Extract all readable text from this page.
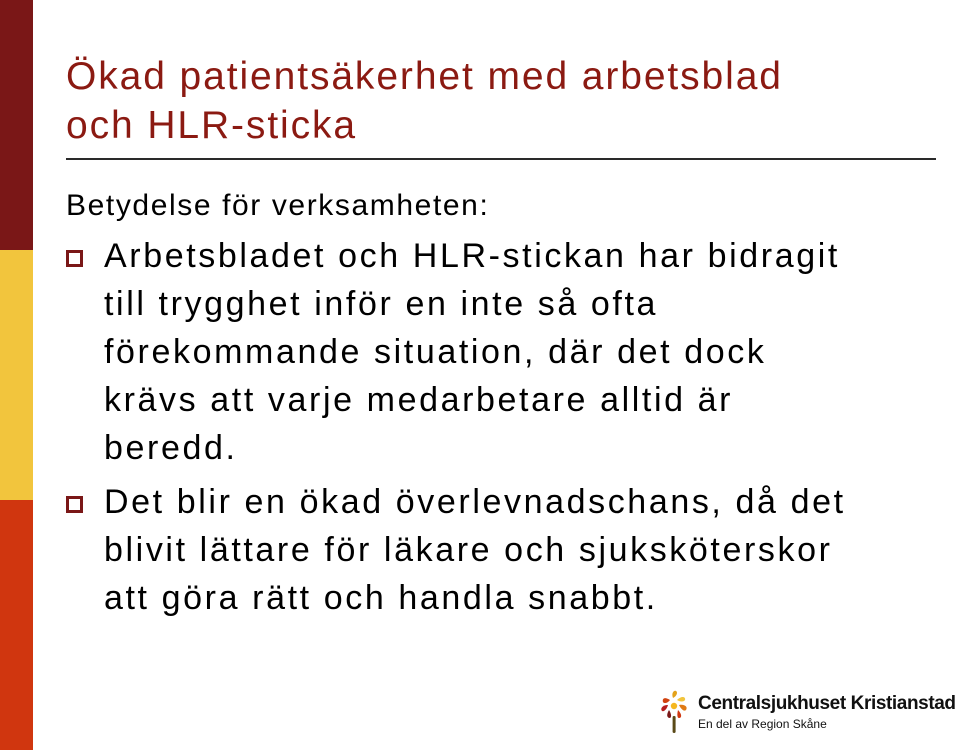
Ökad patientsäkerhet med arbetsblad
och HLR-sticka

Betydelse för verksamheten:

Arbetsbladet och HLR-stickan har bidragit
till trygghet inför en inte så ofta
förekommande situation, där det dock
krävs att varje medarbetare alltid är
beredd.
Det blir en ökad överlevnadschans, då det
blivit lättare för läkare och sjuksköterskor
att göra rätt och handla snabbt.
Centralsjukhuset Kristianstad
En del av Region Skåne
